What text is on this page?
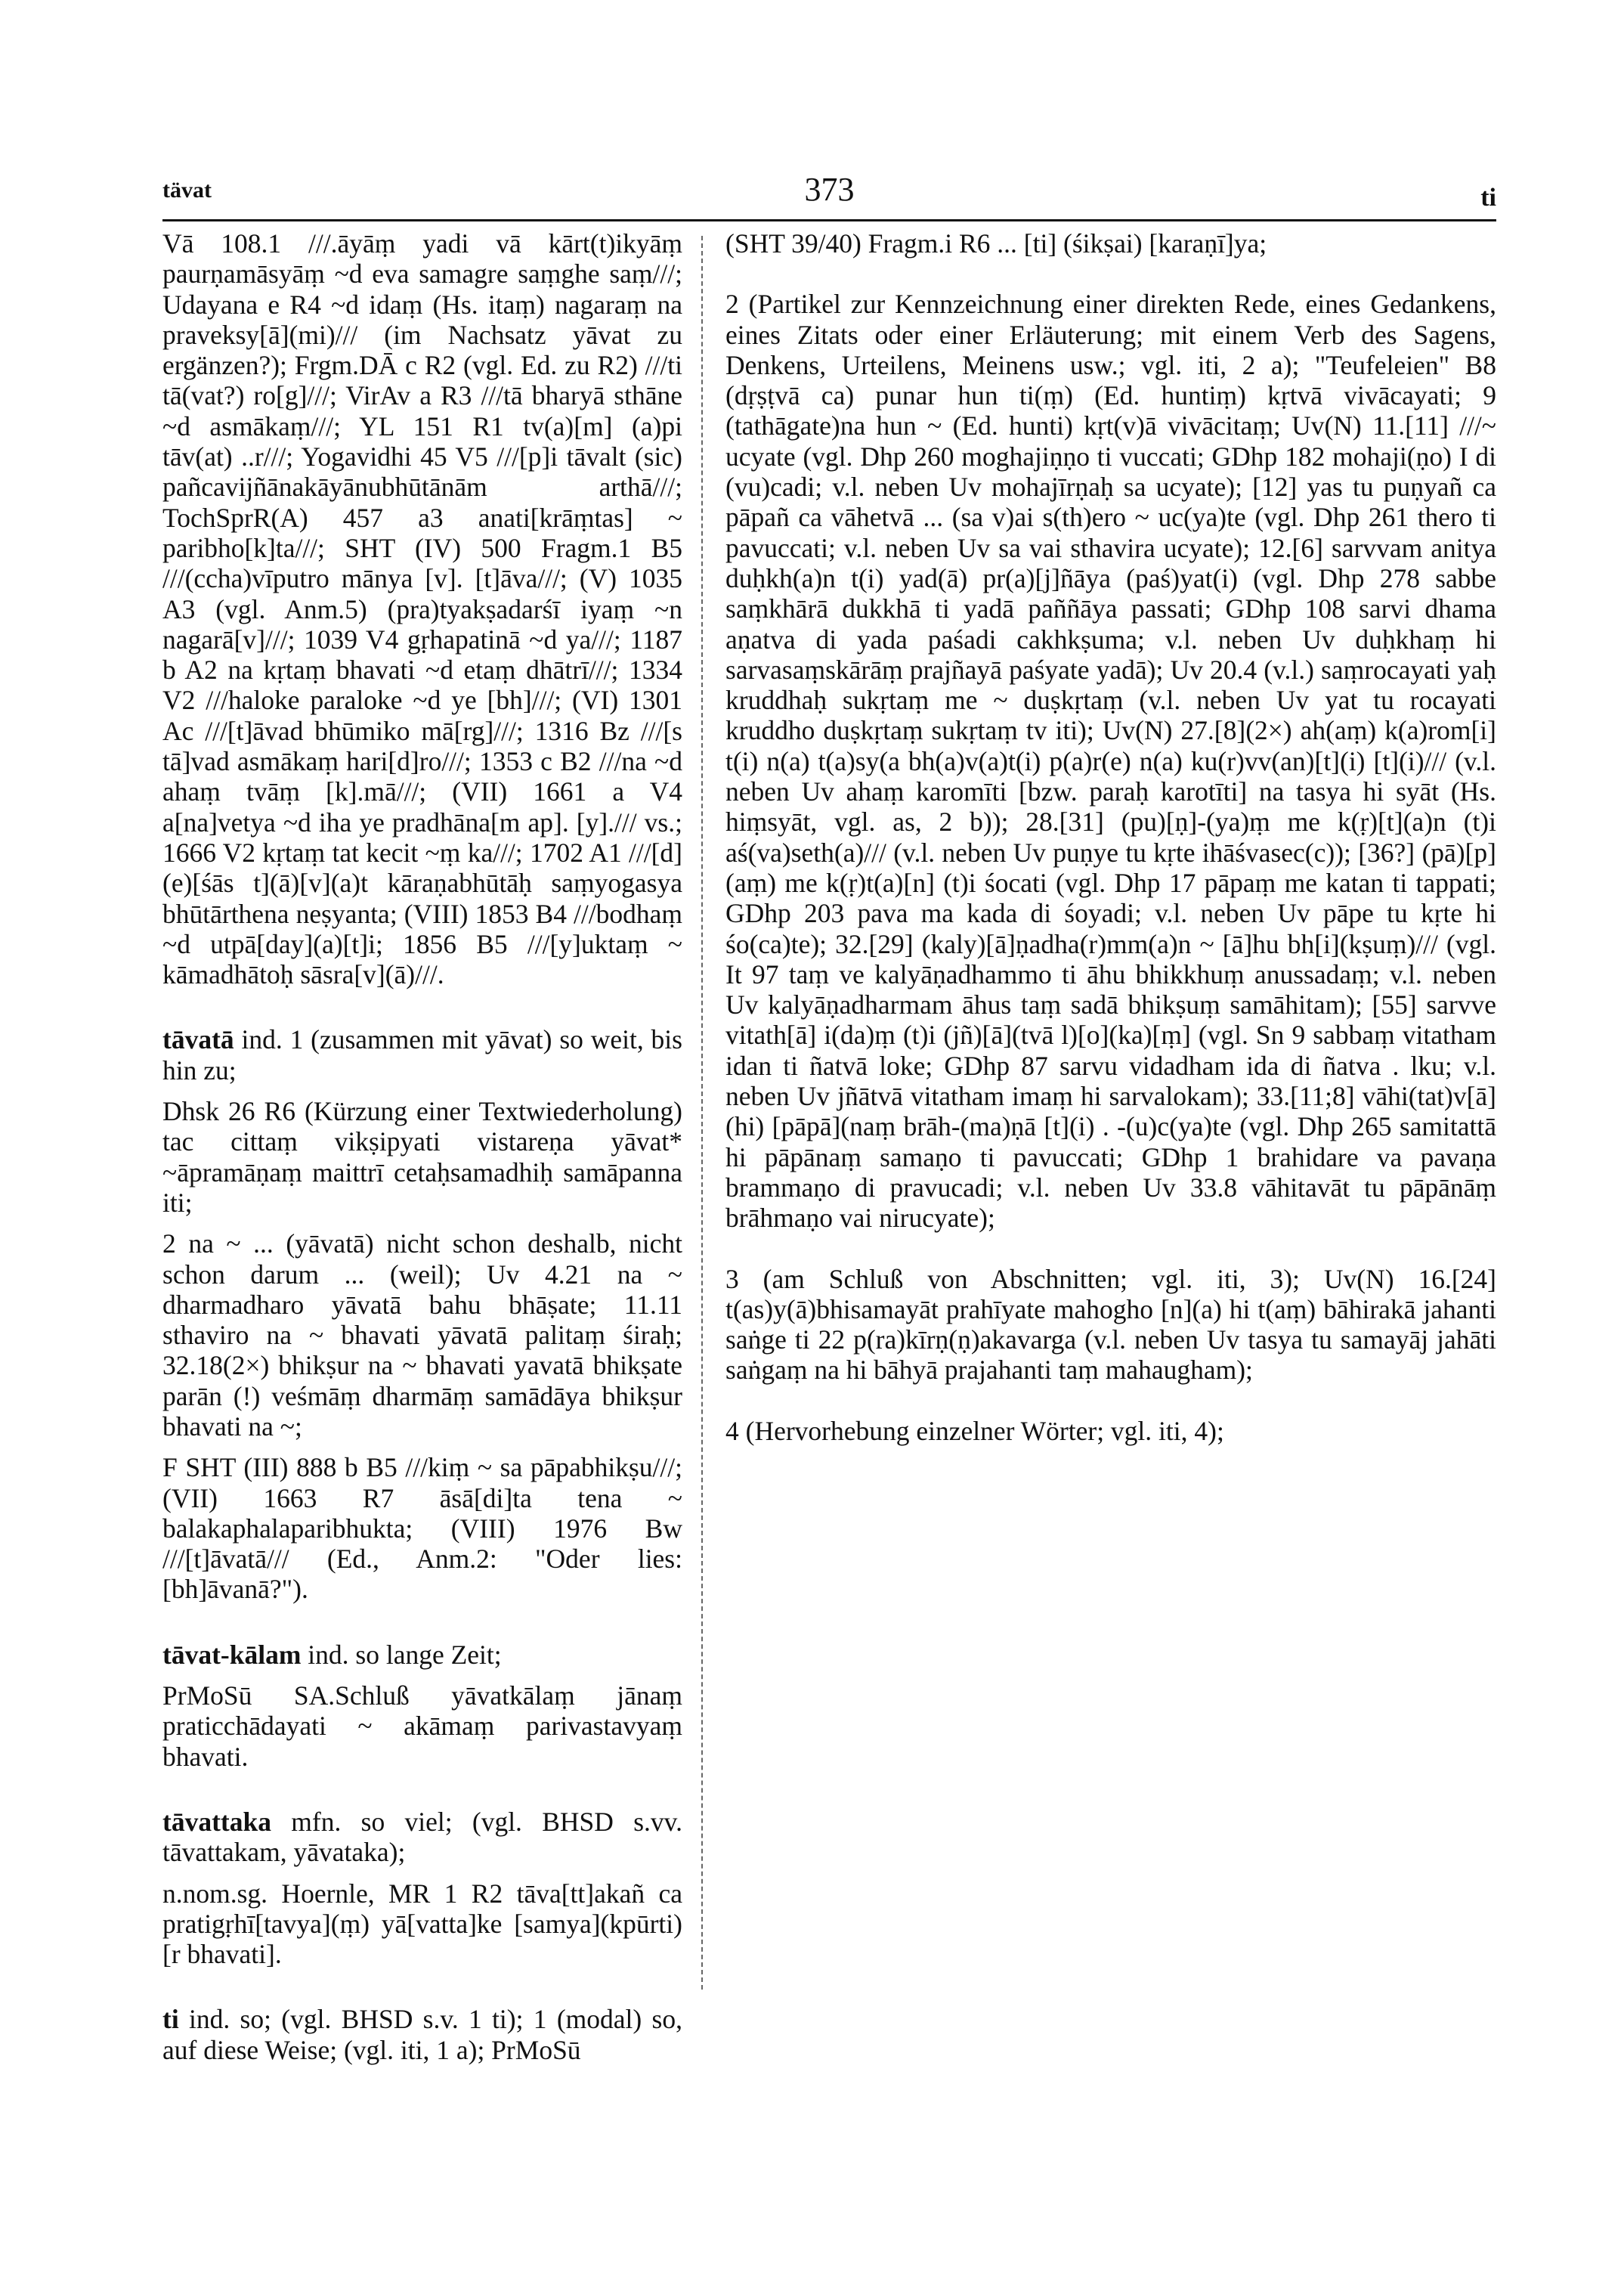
tävat	373	ti

Vā 108.1 ///.āyāṃ yadi vā kārt(t)ikyāṃ paurṇamāsyāṃ ~d eva samagre saṃghe saṃ///; Udayana e R4 ~d idaṃ (Hs. itaṃ) nagaraṃ na praveksy[ā](mi)/// (im Nachsatz yāvat zu ergänzen?); Frgm.DĀ c R2 (vgl. Ed. zu R2) ///ti tā(vat?) ro[g]///; VirAv a R3 ///tā bharyā sthāne ~d asmākaṃ///; YL 151 R1 tv(a)[m] (a)pi tāv(at) ..r///; Yogavidhi 45 V5 ///[p]i tāvalt (sic) pañcavijñānakāyānubhūtānām arthā///; TochSprR(A) 457 a3 anati[krāṃtas] ~ paribho[k]ta///; SHT (IV) 500 Fragm.1 B5 ///(ccha)vīputro mānya [v]. [t]āva///; (V) 1035 A3 (vgl. Anm.5) (pra)tyakṣadarśī iyaṃ ~n nagarā[v]///; 1039 V4 gṛhapatinā ~d ya///; 1187 b A2 na kṛtaṃ bhavati ~d etaṃ dhātrī///; 1334 V2 ///haloke paraloke ~d ye [bh]///; (VI) 1301 Ac ///[t]āvad bhūmiko mā[rg]///; 1316 Bz ///[s tā]vad asmākaṃ hari[d]ro///; 1353 c B2 ///na ~d ahaṃ tvāṃ [k].mā///; (VII) 1661 a V4 a[na]vetya ~d iha ye pradhāna[m ap]. [y]./// vs.; 1666 V2 kṛtaṃ tat kecit ~ṃ ka///; 1702 A1 ///[d](e)[śās t](ā)[v](a)t kāraṇabhūtāḥ saṃyogasya bhūtārthena neṣyanta; (VIII) 1853 B4 ///bodhaṃ ~d utpā[day](a)[t]i; 1856 B5 ///[y]uktaṃ ~ kāmadhātoḥ sāsra[v](ā)///.

tāvatā ind. 1 (zusammen mit yāvat) so weit, bis hin zu;

Dhsk 26 R6 (Kürzung einer Textwiederholung) tac cittaṃ vikṣipyati vistareṇa yāvat* ~āpramāṇaṃ maittrī cetaḥsamadhiḥ samāpanna iti;

2 na ~ ... (yāvatā) nicht schon deshalb, nicht schon darum ... (weil); Uv 4.21 na ~ dharmadharo yāvatā bahu bhāṣate; 11.11 sthaviro na ~ bhavati yāvatā palitaṃ śiraḥ; 32.18(2×) bhikṣur na ~ bhavati yavatā bhikṣate parān (!) veśmāṃ dharmāṃ samādāya bhikṣur bhavati na ~;

F SHT (III) 888 b B5 ///kiṃ ~ sa pāpabhikṣu///; (VII) 1663 R7 āsā[di]ta tena ~ balakaphalaparibhukta; (VIII) 1976 Bw ///[t]āvatā/// (Ed., Anm.2: "Oder lies: [bh]āvanā?").

tāvat-kālam ind. so lange Zeit;

PrMoSū SA.Schluß yāvatkālaṃ jānaṃ praticchādayati ~ akāmaṃ parivastavyaṃ bhavati.

tāvattaka mfn. so viel; (vgl. BHSD s.vv. tāvattakam, yāvataka);

n.nom.sg. Hoernle, MR 1 R2 tāva[tt]akañ ca pratigṛhī[tavya](ṃ) yā[vatta]ke [samya](kpūrti)[r bhavati].

ti ind. so; (vgl. BHSD s.v. 1 ti); 1 (modal) so, auf diese Weise; (vgl. iti, 1 a); PrMoSū

(SHT 39/40) Fragm.i R6 ... [ti] (śikṣai) [karaṇī]ya;

2 (Partikel zur Kennzeichnung einer direkten Rede, eines Gedankens, eines Zitats oder einer Erläuterung; mit einem Verb des Sagens, Denkens, Urteilens, Meinens usw.; vgl. iti, 2 a); "Teufeleien" B8 (dṛṣṭvā ca) punar hun ti(ṃ) (Ed. huntiṃ) kṛtvā vivācayati; 9 (tathāgate)na hun ~ (Ed. hunti) kṛt(v)ā vivācitaṃ; Uv(N) 11.[11] ///~ ucyate (vgl. Dhp 260 moghajiṇṇo ti vuccati; GDhp 182 mohaji(ṇo) I di (vu)cadi; v.l. neben Uv mohajīrṇaḥ sa ucyate); [12] yas tu puṇyañ ca pāpañ ca vāhetvā ... (sa v)ai s(th)ero ~ uc(ya)te (vgl. Dhp 261 thero ti pavuccati; v.l. neben Uv sa vai sthavira ucyate); 12.[6] sarvvam anitya duḥkh(a)n t(i) yad(ā) pr(a)[j]ñāya (paś)yat(i) (vgl. Dhp 278 sabbe saṃkhārā dukkhā ti yadā paññāya passati; GDhp 108 sarvi dhama aṇatva di yada paśadi cakhkṣuma; v.l. neben Uv duḥkhaṃ hi sarvasaṃskārāṃ prajñayā paśyate yadā); Uv 20.4 (v.l.) saṃrocayati yaḥ kruddhaḥ sukṛtaṃ me ~ duṣkṛtaṃ (v.l. neben Uv yat tu rocayati kruddho duṣkṛtaṃ sukṛtaṃ tv iti); Uv(N) 27.[8](2×) ah(aṃ) k(a)rom[i] t(i) n(a) t(a)sy(a bh(a)v(a)t(i) p(a)r(e) n(a) ku(r)vv(an)[t](i) [t](i)/// (v.l. neben Uv ahaṃ karomīti [bzw. paraḥ karotīti] na tasya hi syāt (Hs. hiṃsyāt, vgl. as, 2 b)); 28.[31] (pu)[ṇ]-(ya)ṃ me k(ṛ)[t](a)n (t)i aś(va)seth(a)/// (v.l. neben Uv puṇye tu kṛte ihāśvasec(c)); [36?] (pā)[p](aṃ) me k(ṛ)t(a)[n] (t)i śocati (vgl. Dhp 17 pāpaṃ me katan ti tappati; GDhp 203 pava ma kada di śoyadi; v.l. neben Uv pāpe tu kṛte hi śo(ca)te); 32.[29] (kaly)[ā]ṇadha(r)mm(a)n ~ [ā]hu bh[i](kṣuṃ)/// (vgl. It 97 taṃ ve kalyāṇadhammo ti āhu bhikkhuṃ anussadaṃ; v.l. neben Uv kalyāṇadharmam āhus taṃ sadā bhikṣuṃ samāhitam); [55] sarvve vitath[ā] i(da)ṃ (t)i (jñ)[ā](tvā l)[o](ka)[ṃ] (vgl. Sn 9 sabbaṃ vitatham idan ti ñatvā loke; GDhp 87 sarvu vidadham ida di ñatva . lku; v.l. neben Uv jñātvā vitatham imaṃ hi sarvalokam); 33.[11;8] vāhi(tat)v[ā] (hi) [pāpā](naṃ brāh-(ma)ṇā [t](i) . -(u)c(ya)te (vgl. Dhp 265 samitattā hi pāpānaṃ samaṇo ti pavuccati; GDhp 1 brahidare va pavaṇa brammaṇo di pravucadi; v.l. neben Uv 33.8 vāhitavāt tu pāpānāṃ brāhmaṇo vai nirucyate);

3 (am Schluß von Abschnitten; vgl. iti, 3); Uv(N) 16.[24] t(as)y(ā)bhisamayāt prahīyate mahogho [n](a) hi t(aṃ) bāhirakā jahanti saṅge ti 22 p(ra)kīrṇ(ṇ)akavarga (v.l. neben Uv tasya tu samayāj jahāti saṅgaṃ na hi bāhyā prajahanti taṃ mahaugham);

4 (Hervorhebung einzelner Wörter; vgl. iti, 4);
